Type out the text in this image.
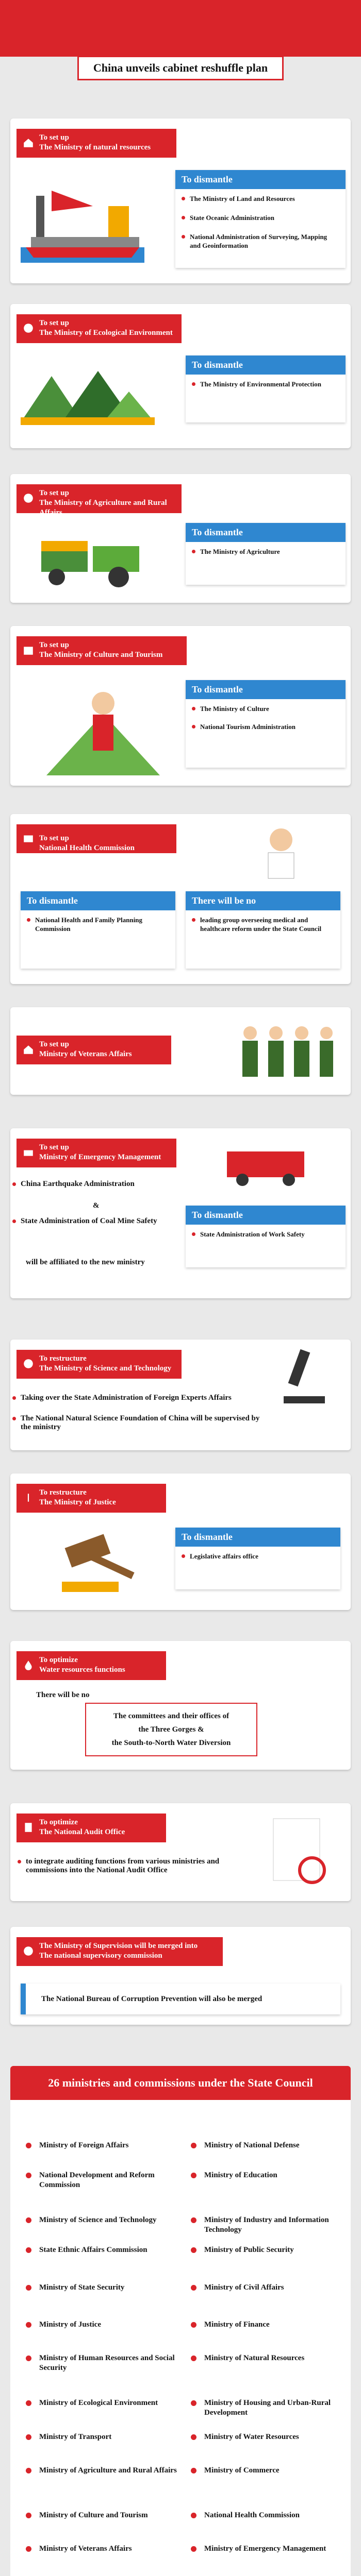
China unveils cabinet reshuffle plan
To set up
The Ministry of natural resources
To dismantle
The Ministry of Land and Resources
State Oceanic Administration
National Administration of Surveying, Mapping and Geoinformation
To set up
The Ministry of Ecological Environment
To dismantle
The Ministry of Environmental Protection
To set up
The Ministry of Agriculture and Rural Affairs
To dismantle
The Ministry of Agriculture
To set up
The Ministry of Culture and Tourism
To dismantle
The Ministry of Culture
National Tourism Administration
To set up
National Health Commission
To dismantle
National Health and Family Planning Commission
There will be no
leading group overseeing medical and healthcare reform under the State Council
To set up
Ministry of Veterans Affairs
To set up
Ministry of Emergency Management
China Earthquake Administration
&
State Administration of Coal Mine Safety
will be affiliated to the new ministry
To dismantle
State Administration of Work Safety
To restructure
The Ministry of Science and Technology
Taking over the State Administration of Foreign Experts Affairs
The National Natural Science Foundation of China will be supervised by the ministry
To restructure
The Ministry of Justice
To dismantle
Legislative affairs office
To optimize
Water resources functions
There will be no
The committees and their offices of
the Three Gorges &
the South-to-North Water Diversion
To optimize
The National Audit Office
to integrate auditing functions from various ministries and commissions into the National Audit Office
The Ministry of Supervision will be merged into
The national supervisory commission
The National Bureau of Corruption Prevention will also be merged
26 ministries and commissions under the State Council
Ministry of Foreign Affairs
National Development and Reform Commission
Ministry of Science and Technology
State Ethnic Affairs Commission
Ministry of State Security
Ministry of Justice
Ministry of Human Resources and Social Security
Ministry of Ecological Environment
Ministry of Transport
Ministry of Agriculture and Rural Affairs
Ministry of Culture and Tourism
Ministry of Veterans Affairs
Ministry of National Defense
Ministry of Education
Ministry of Industry and Information Technology
Ministry of Public Security
Ministry of Civil Affairs
Ministry of Finance
Ministry of Natural Resources
Ministry of Housing and Urban-Rural Development
Ministry of Water Resources
Ministry of Commerce
National Health Commission
Ministry of Emergency Management
